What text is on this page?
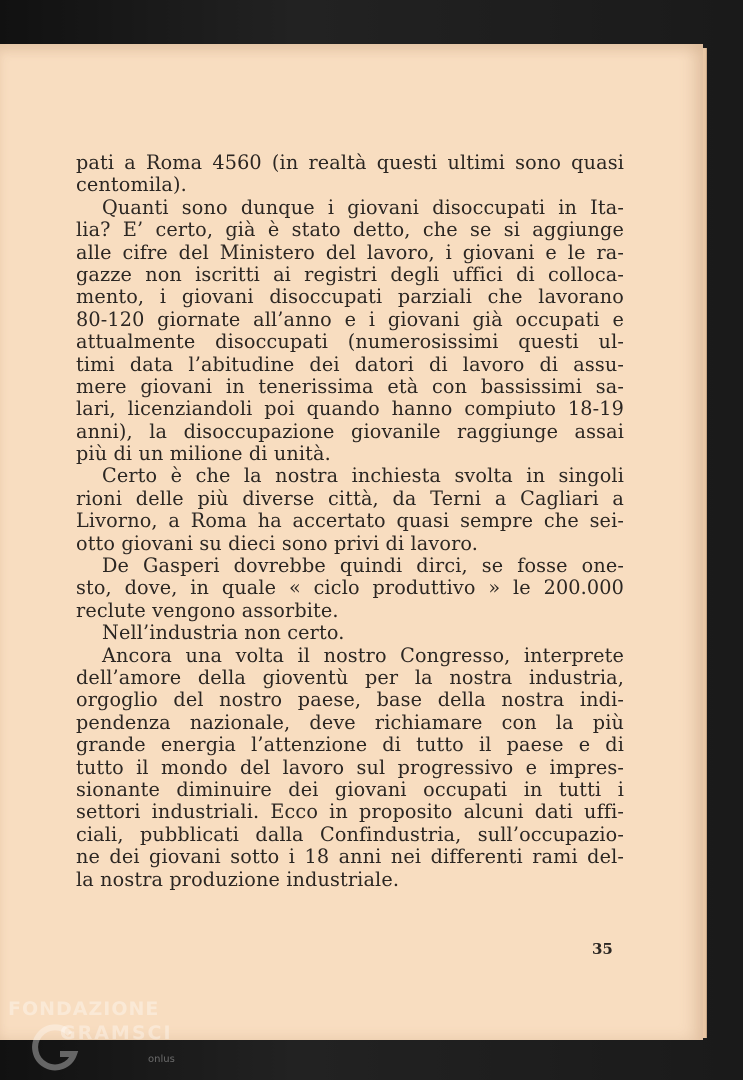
pati a Roma 4560 (in realtà questi ultimi sono quasi
centomila).
Quanti sono dunque i giovani disoccupati in Ita-
lia? E’ certo, già è stato detto, che se si aggiunge
alle cifre del Ministero del lavoro, i giovani e le ra-
gazze non iscritti ai registri degli uffici di colloca-
mento, i giovani disoccupati parziali che lavorano
80-120 giornate all’anno e i giovani già occupati e
attualmente disoccupati (numerosissimi questi ul-
timi data l’abitudine dei datori di lavoro di assu-
mere giovani in tenerissima età con bassissimi sa-
lari, licenziandoli poi quando hanno compiuto 18-19
anni), la disoccupazione giovanile raggiunge assai
più di un milione di unità.
Certo è che la nostra inchiesta svolta in singoli
rioni delle più diverse città, da Terni a Cagliari a
Livorno, a Roma ha accertato quasi sempre che sei-
otto giovani su dieci sono privi di lavoro.
De Gasperi dovrebbe quindi dirci, se fosse one-
sto, dove, in quale « ciclo produttivo » le 200.000
reclute vengono assorbite.
Nell’industria non certo.
Ancora una volta il nostro Congresso, interprete
dell’amore della gioventù per la nostra industria,
orgoglio del nostro paese, base della nostra indi-
pendenza nazionale, deve richiamare con la più
grande energia l’attenzione di tutto il paese e di
tutto il mondo del lavoro sul progressivo e impres-
sionante diminuire dei giovani occupati in tutti i
settori industriali. Ecco in proposito alcuni dati uffi-
ciali, pubblicati dalla Confindustria, sull’occupazio-
ne dei giovani sotto i 18 anni nei differenti rami del-
la nostra produzione industriale.
35
FONDAZIONE
GRAMSCI
onlus
